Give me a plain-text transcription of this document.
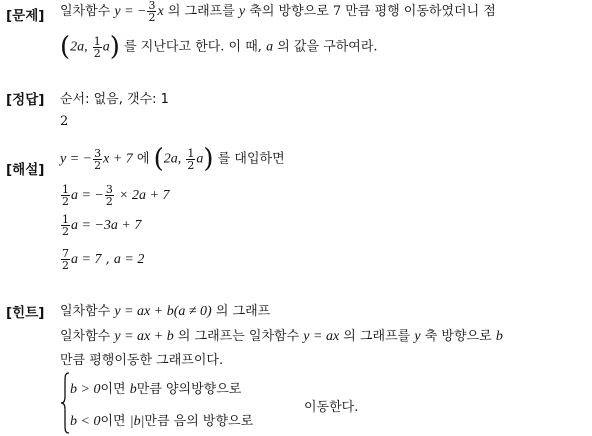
[문제]
[정답]
[해설]
[힌트]
일차함수 y = − $\frac{3}{2}$ x 의 그래프를 y 축의 방향으로 7 만큼 평행 이동하였더니 점
(2a, $\frac{1}{2} a$) 를 지난다고 한다. 이 때, a 의 값을 구하여라.
순서: 없음, 갯수: 1
2
y = − $\frac{3}{2}$ x + 7 에 (2a, $\frac{1}{2} a$) 를 대입하면
$\frac{1}{2}$ a = − $\frac{3}{2} \times 2a + 7$
$\frac{1}{2}$ a = −3a + 7
$\frac{7}{2}$ a = 7 , a = 2
일차함수 y = ax + b(a ≠ 0) 의 그래프
일차함수 y = ax + b 의 그래프는 일차함수 y = ax 의 그래프를 y 축 방향으로 b
만큼 평행이동한 그래프이다.
b > 0이면 b만큼 양의방향으로
b < 0이면 |b|만큼 음의 방향으로
이동한다.
